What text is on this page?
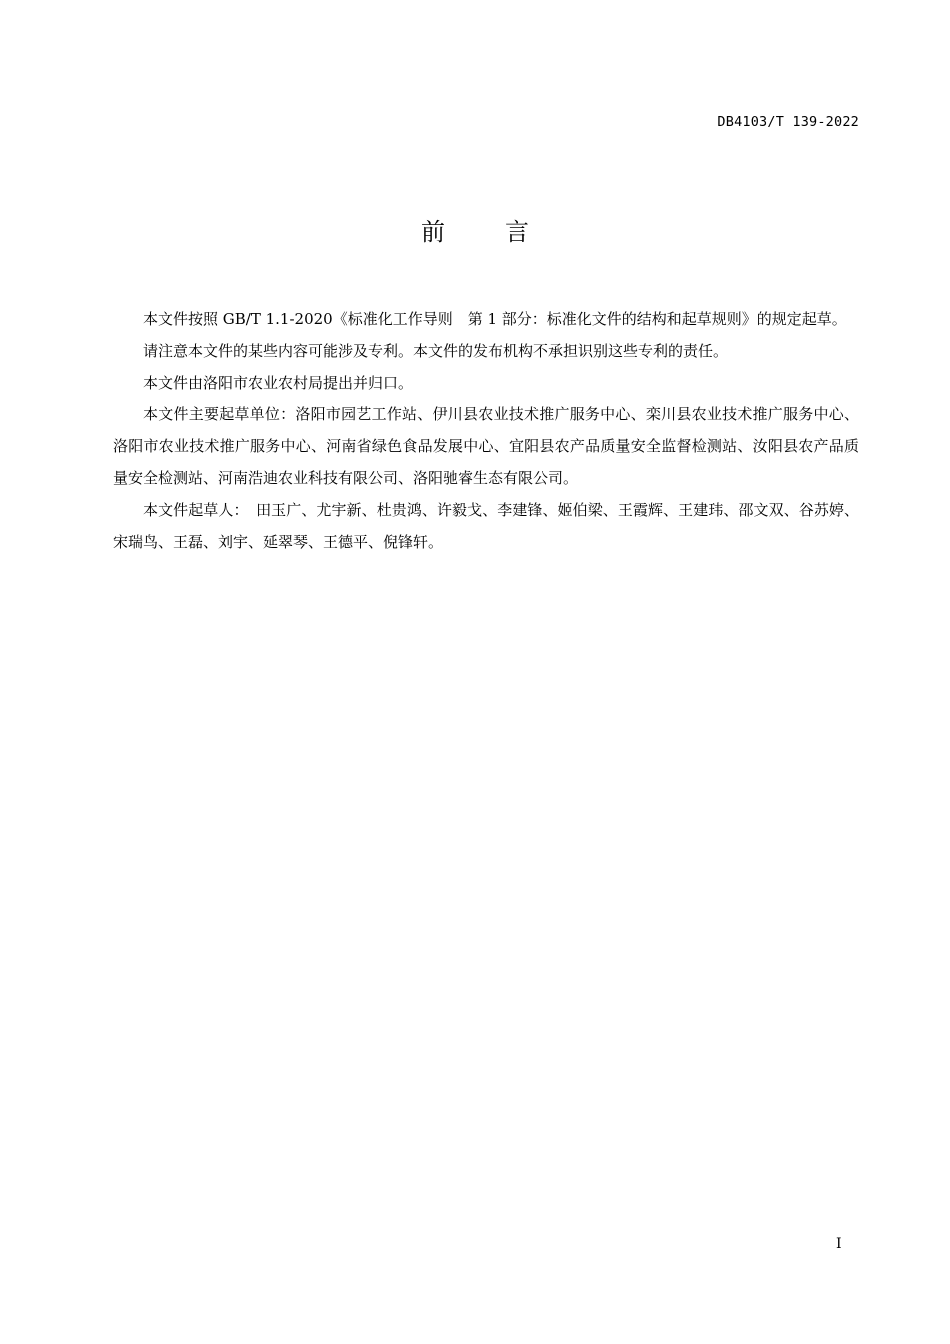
DB4103/T 139-2022
前言

本文件按照 GB/T 1.1-2020《标准化工作导则　第 1 部分：标准化文件的结构和起草规则》的规定起草。

请注意本文件的某些内容可能涉及专利。本文件的发布机构不承担识别这些专利的责任。

本文件由洛阳市农业农村局提出并归口。

本文件主要起草单位：洛阳市园艺工作站、伊川县农业技术推广服务中心、栾川县农业技术推广服务中心、洛阳市农业技术推广服务中心、河南省绿色食品发展中心、宜阳县农产品质量安全监督检测站、汝阳县农产品质量安全检测站、河南浩迪农业科技有限公司、洛阳驰睿生态有限公司。

本文件起草人：　田玉广、尤宇新、杜贵鸿、许毅戈、李建锋、姬伯梁、王霞辉、王建玮、邵文双、谷苏婷、宋瑞鸟、王磊、刘宇、延翠琴、王德平、倪锋轩。

I
